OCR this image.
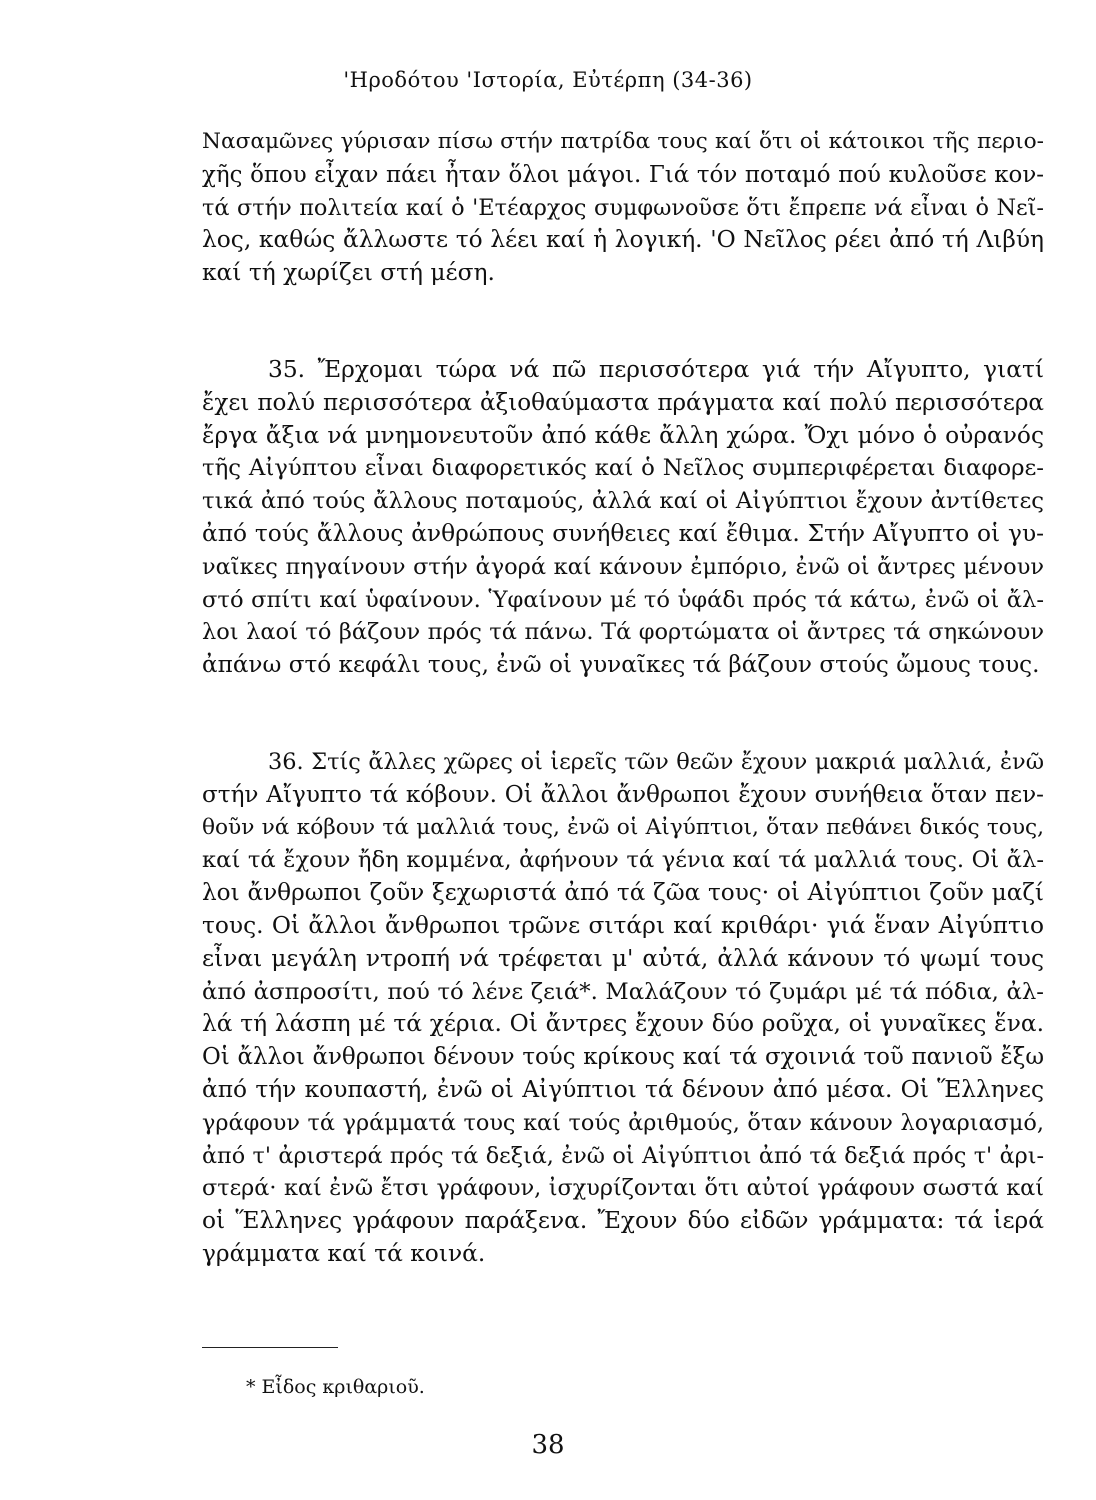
'Ηροδότου 'Ιστορία, Εὐτέρπη (34-36)
Νασαμῶνες γύρισαν πίσω στήν πατρίδα τους καί ὅτι οἱ κάτοικοι τῆς περιο-
χῆς ὅπου εἶχαν πάει ἦταν ὅλοι μάγοι. Γιά τόν ποταμό πού κυλοῦσε κον-
τά στήν πολιτεία καί ὁ 'Ετέαρχος συμφωνοῦσε ὅτι ἔπρεπε νά εἶναι ὁ Νεῖ-
λος, καθώς ἄλλωστε τό λέει καί ἡ λογική. 'Ο Νεῖλος ρέει ἀπό τή Λιβύη
καί τή χωρίζει στή μέση.
35. Ἔρχομαι τώρα νά πῶ περισσότερα γιά τήν Αἴγυπτο, γιατί
ἔχει πολύ περισσότερα ἀξιοθαύμαστα πράγματα καί πολύ περισσότερα
ἔργα ἄξια νά μνημονευτοῦν ἀπό κάθε ἄλλη χώρα. Ὄχι μόνο ὁ οὐρανός
τῆς Αἰγύπτου εἶναι διαφορετικός καί ὁ Νεῖλος συμπεριφέρεται διαφορε-
τικά ἀπό τούς ἄλλους ποταμούς, ἀλλά καί οἱ Αἰγύπτιοι ἔχουν ἀντίθετες
ἀπό τούς ἄλλους ἀνθρώπους συνήθειες καί ἔθιμα. Στήν Αἴγυπτο οἱ γυ-
ναῖκες πηγαίνουν στήν ἀγορά καί κάνουν ἐμπόριο, ἐνῶ οἱ ἄντρες μένουν
στό σπίτι καί ὑφαίνουν. Ὑφαίνουν μέ τό ὑφάδι πρός τά κάτω, ἐνῶ οἱ ἄλ-
λοι λαοί τό βάζουν πρός τά πάνω. Τά φορτώματα οἱ ἄντρες τά σηκώνουν
ἀπάνω στό κεφάλι τους, ἐνῶ οἱ γυναῖκες τά βάζουν στούς ὤμους τους.
36. Στίς ἄλλες χῶρες οἱ ἱερεῖς τῶν θεῶν ἔχουν μακριά μαλλιά, ἐνῶ
στήν Αἴγυπτο τά κόβουν. Οἱ ἄλλοι ἄνθρωποι ἔχουν συνήθεια ὅταν πεν-
θοῦν νά κόβουν τά μαλλιά τους, ἐνῶ οἱ Αἰγύπτιοι, ὅταν πεθάνει δικός τους,
καί τά ἔχουν ἤδη κομμένα, ἀφήνουν τά γένια καί τά μαλλιά τους. Οἱ ἄλ-
λοι ἄνθρωποι ζοῦν ξεχωριστά ἀπό τά ζῶα τους· οἱ Αἰγύπτιοι ζοῦν μαζί
τους. Οἱ ἄλλοι ἄνθρωποι τρῶνε σιτάρι καί κριθάρι· γιά ἕναν Αἰγύπτιο
εἶναι μεγάλη ντροπή νά τρέφεται μ' αὐτά, ἀλλά κάνουν τό ψωμί τους
ἀπό ἀσπροσίτι, πού τό λένε ζειά*. Μαλάζουν τό ζυμάρι μέ τά πόδια, ἀλ-
λά τή λάσπη μέ τά χέρια. Οἱ ἄντρες ἔχουν δύο ροῦχα, οἱ γυναῖκες ἕνα.
Οἱ ἄλλοι ἄνθρωποι δένουν τούς κρίκους καί τά σχοινιά τοῦ πανιοῦ ἔξω
ἀπό τήν κουπαστή, ἐνῶ οἱ Αἰγύπτιοι τά δένουν ἀπό μέσα. Οἱ Ἕλληνες
γράφουν τά γράμματά τους καί τούς ἀριθμούς, ὅταν κάνουν λογαριασμό,
ἀπό τ' ἀριστερά πρός τά δεξιά, ἐνῶ οἱ Αἰγύπτιοι ἀπό τά δεξιά πρός τ' ἀρι-
στερά· καί ἐνῶ ἔτσι γράφουν, ἰσχυρίζονται ὅτι αὐτοί γράφουν σωστά καί
οἱ Ἕλληνες γράφουν παράξενα. Ἔχουν δύο εἰδῶν γράμματα: τά ἱερά
γράμματα καί τά κοινά.
* Εἶδος κριθαριοῦ.
38
